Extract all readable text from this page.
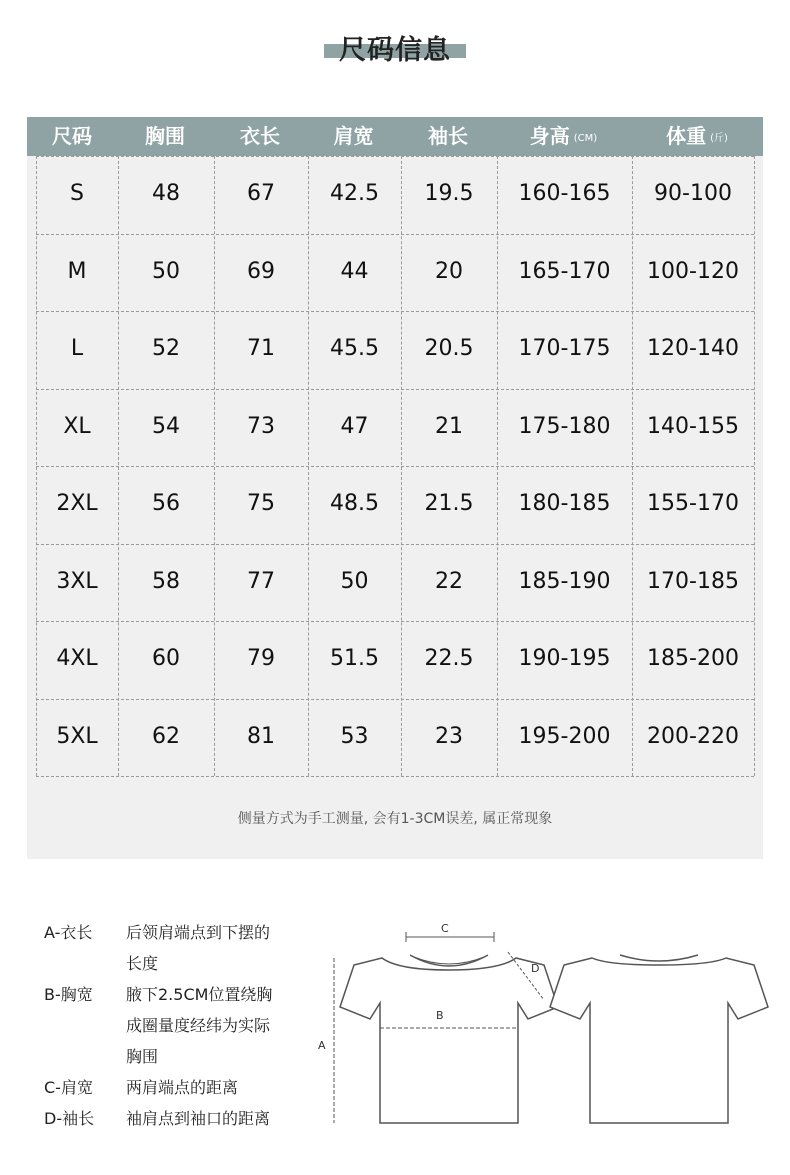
尺码信息
尺码	胸围	衣长	肩宽	袖长	身高 (CM)	体重 (斤)
S	48	67	42.5	19.5	160-165	90-100
M	50	69	44	20	165-170	100-120
L	52	71	45.5	20.5	170-175	120-140
XL	54	73	47	21	175-180	140-155
2XL	56	75	48.5	21.5	180-185	155-170
3XL	58	77	50	22	185-190	170-185
4XL	60	79	51.5	22.5	190-195	185-200
5XL	62	81	53	23	195-200	200-220
侧量方式为手工测量, 会有1-3CM误差, 属正常现象
A-衣长	后领肩端点到下摆的
长度
B-胸宽	腋下2.5CM位置绕胸
成圈量度经纬为实际
胸围
C-肩宽	两肩端点的距离
D-袖长	袖肩点到袖口的距离
C
D
B
A
